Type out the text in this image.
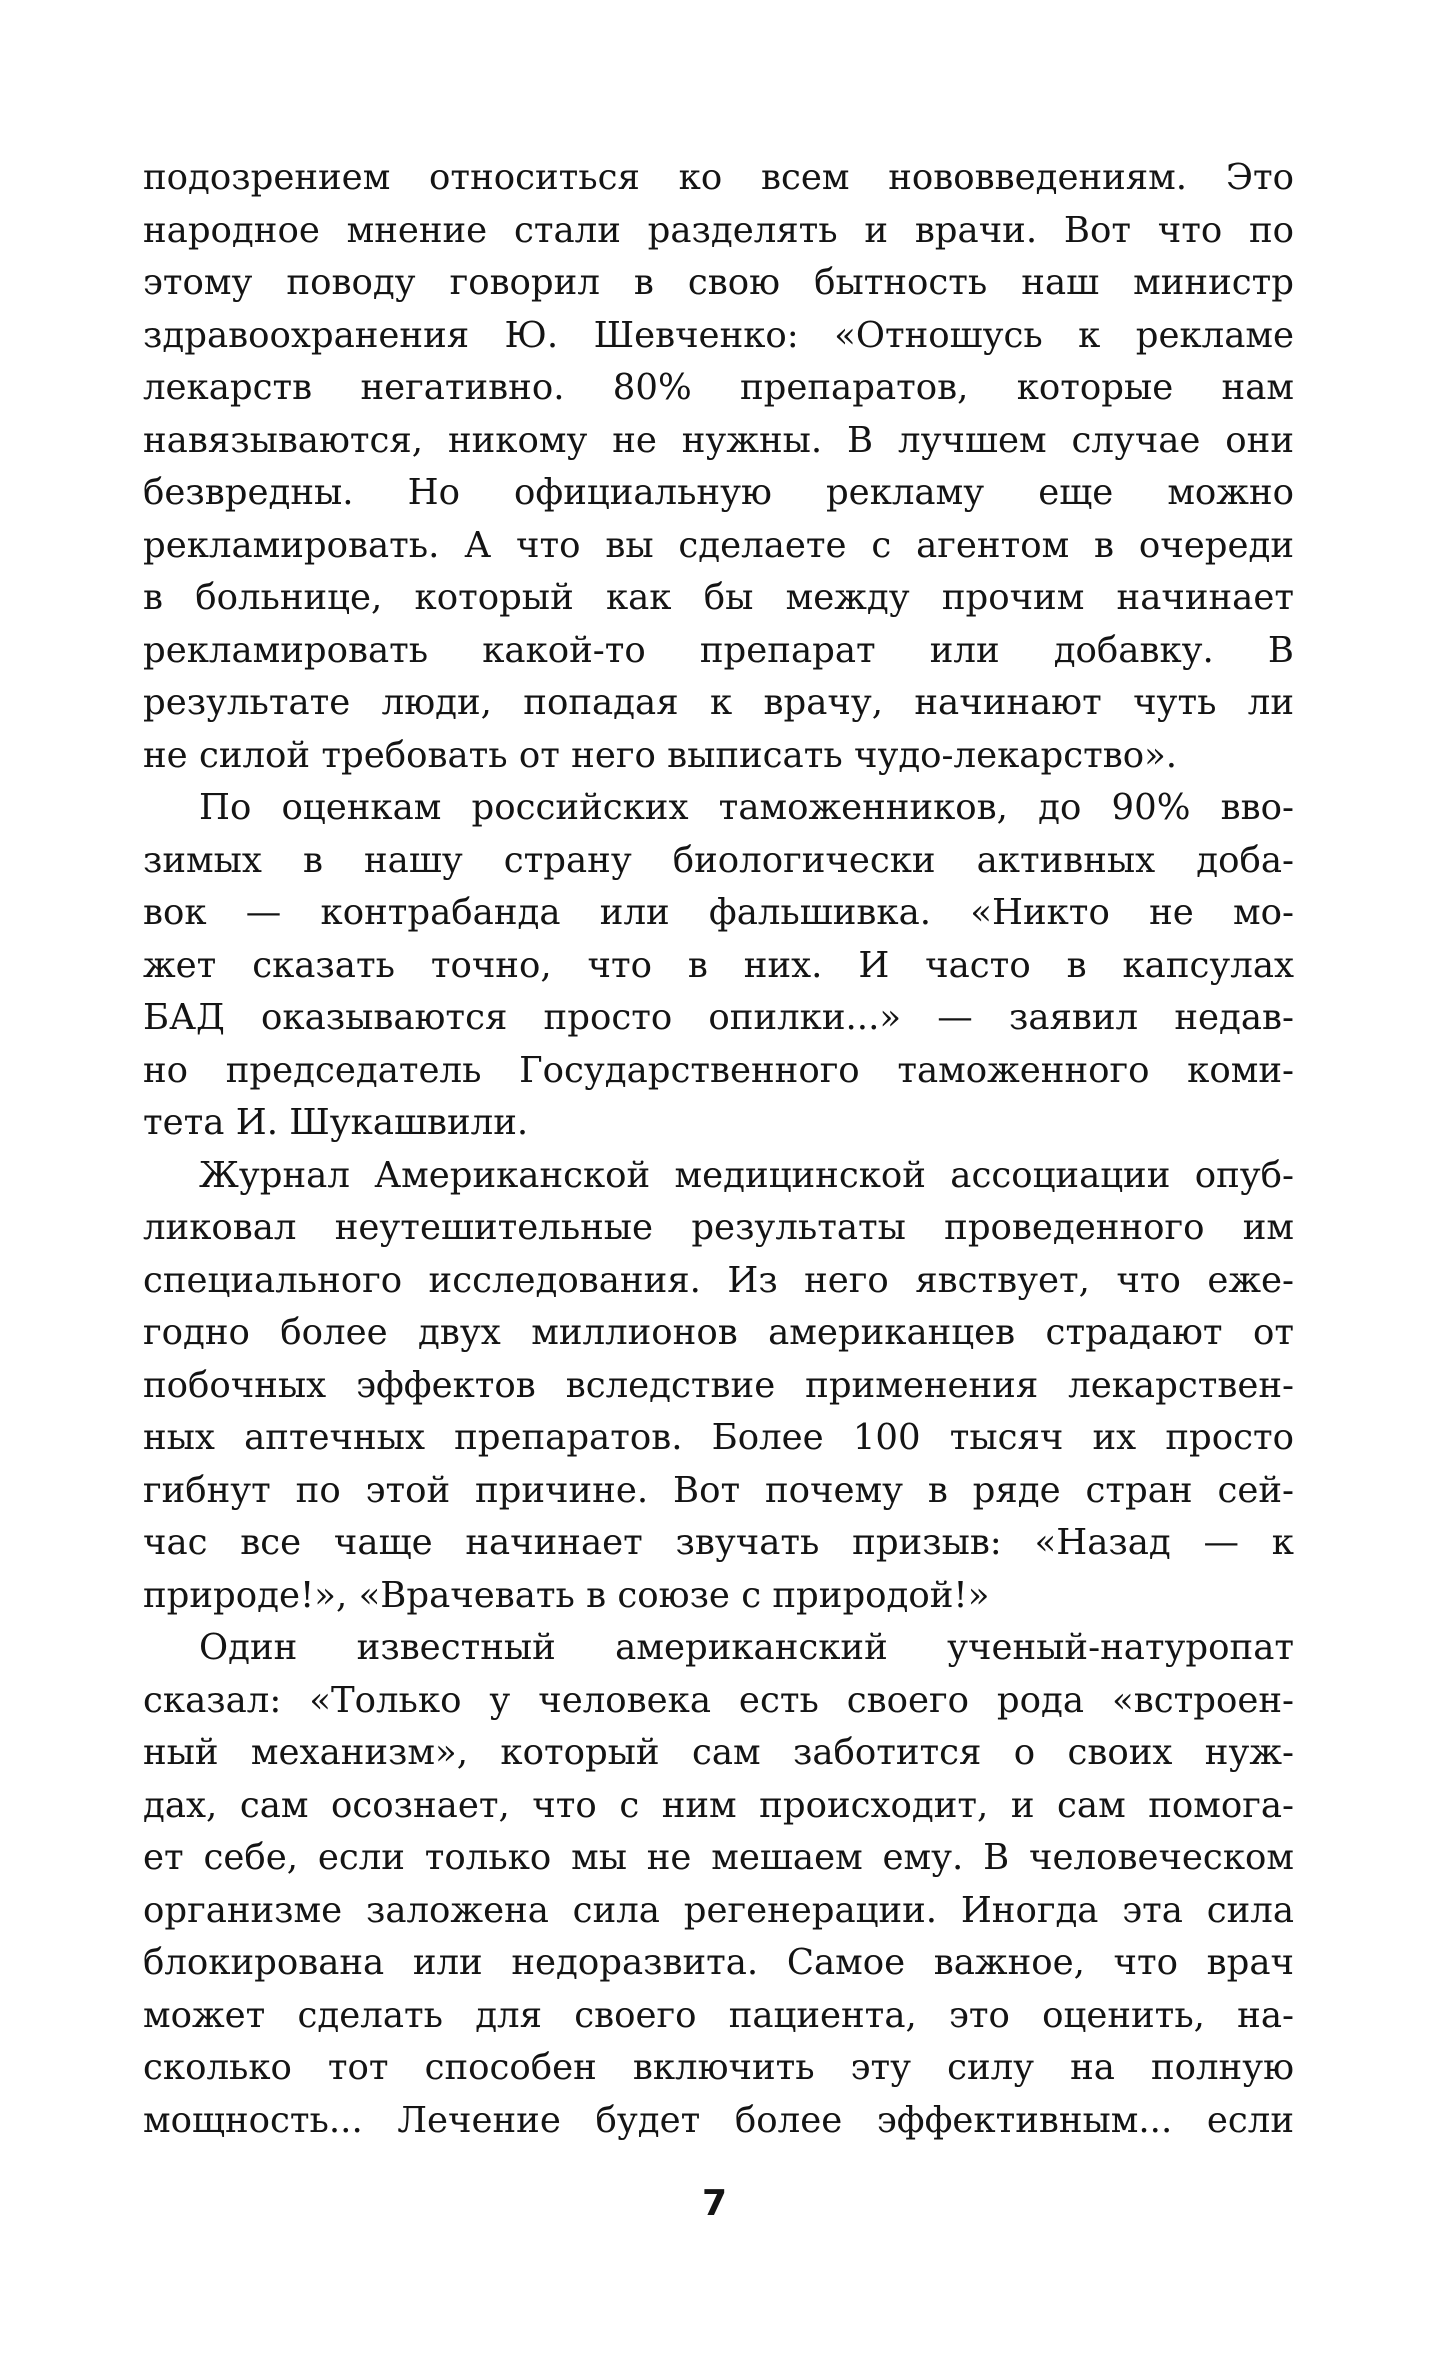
подозрением относиться ко всем нововведениям. Это
народное мнение стали разделять и врачи. Вот что по
этому поводу говорил в свою бытность наш министр
здравоохранения Ю. Шевченко: «Отношусь к рекламе
лекарств негативно. 80% препаратов, которые нам
навязываются, никому не нужны. В лучшем случае они
безвредны. Но официальную рекламу еще можно
рекламировать. А что вы сделаете с агентом в очереди
в больнице, который как бы между прочим начинает
рекламировать какой-то препарат или добавку. В
результате люди, попадая к врачу, начинают чуть ли
не силой требовать от него выписать чудо-лекарство».
По оценкам российских таможенников, до 90% вво-
зимых в нашу страну биологически активных доба-
вок — контрабанда или фальшивка. «Никто не мо-
жет сказать точно, что в них. И часто в капсулах
БАД оказываются просто опилки...» — заявил недав-
но председатель Государственного таможенного коми-
тета И. Шукашвили.
Журнал Американской медицинской ассоциации опуб-
ликовал неутешительные результаты проведенного им
специального исследования. Из него явствует, что еже-
годно более двух миллионов американцев страдают от
побочных эффектов вследствие применения лекарствен-
ных аптечных препаратов. Более 100 тысяч их просто
гибнут по этой причине. Вот почему в ряде стран сей-
час все чаще начинает звучать призыв: «Назад — к
природе!», «Врачевать в союзе с природой!»
Один известный американский ученый-натуропат
сказал: «Только у человека есть своего рода «встроен-
ный механизм», который сам заботится о своих нуж-
дах, сам осознает, что с ним происходит, и сам помога-
ет себе, если только мы не мешаем ему. В человеческом
организме заложена сила регенерации. Иногда эта сила
блокирована или недоразвита. Самое важное, что врач
может сделать для своего пациента, это оценить, на-
сколько тот способен включить эту силу на полную
мощность... Лечение будет более эффективным... если
7
